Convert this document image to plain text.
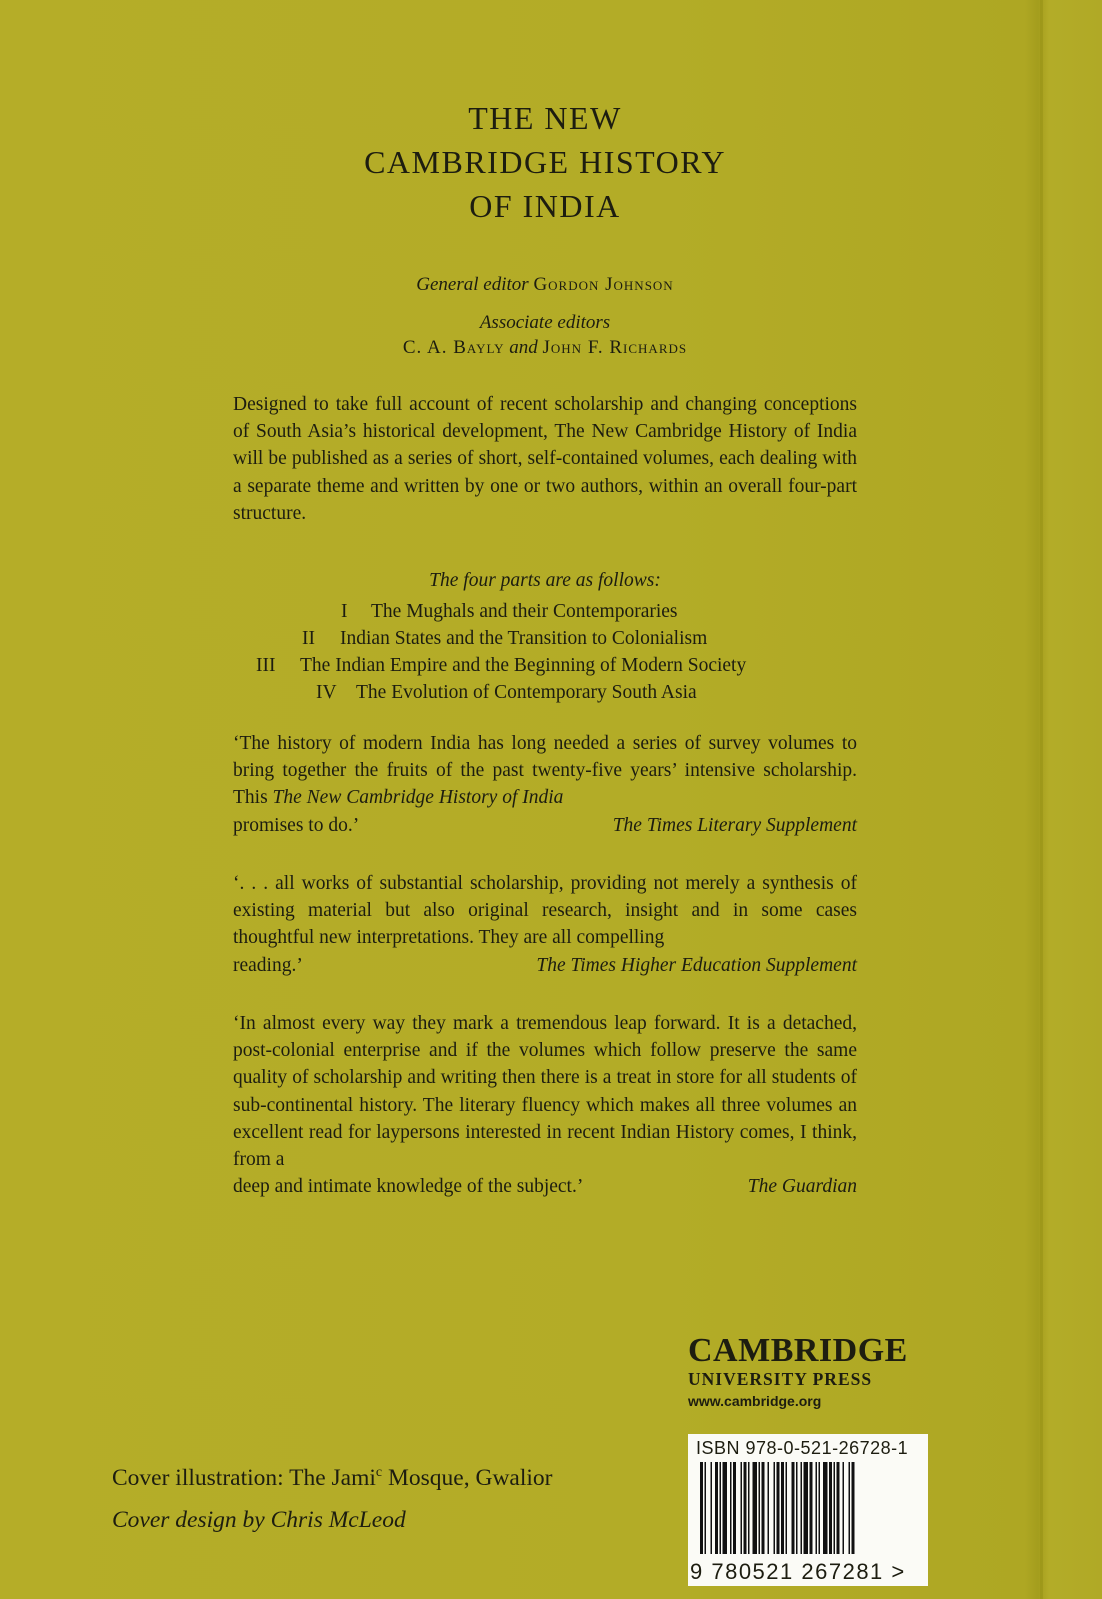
THE NEW
CAMBRIDGE HISTORY
OF INDIA
General editor Gordon Johnson
Associate editors
C. A. Bayly and John F. Richards
Designed to take full account of recent scholarship and changing conceptions of South Asia’s historical development, The New Cambridge History of India will be published as a series of short, self-contained volumes, each dealing with a separate theme and written by one or two authors, within an overall four-part structure.
The four parts are as follows:
I	The Mughals and their Contemporaries
II	Indian States and the Transition to Colonialism
III	The Indian Empire and the Beginning of Modern Society
IV The Evolution of Contemporary South Asia
‘The history of modern India has long needed a series of survey volumes to bring together the fruits of the past twenty-five years’ intensive scholarship. This The New Cambridge History of India
promises to do.’	The Times Literary Supplement
‘. . . all works of substantial scholarship, providing not merely a synthesis of existing material but also original research, insight and in some cases thoughtful new interpretations. They are all compelling
reading.’	The Times Higher Education Supplement
‘In almost every way they mark a tremendous leap forward. It is a detached, post-colonial enterprise and if the volumes which follow preserve the same quality of scholarship and writing then there is a treat in store for all students of sub-continental history. The literary fluency which makes all three volumes an excellent read for laypersons interested in recent Indian History comes, I think, from a
deep and intimate knowledge of the subject.’	The Guardian
CAMBRIDGE
UNIVERSITY PRESS
www.cambridge.org
ISBN 978-0-521-26728-1
9 780521 267281 >
Cover illustration: The Jami$^c$ Mosque, Gwalior
Cover design by Chris McLeod
